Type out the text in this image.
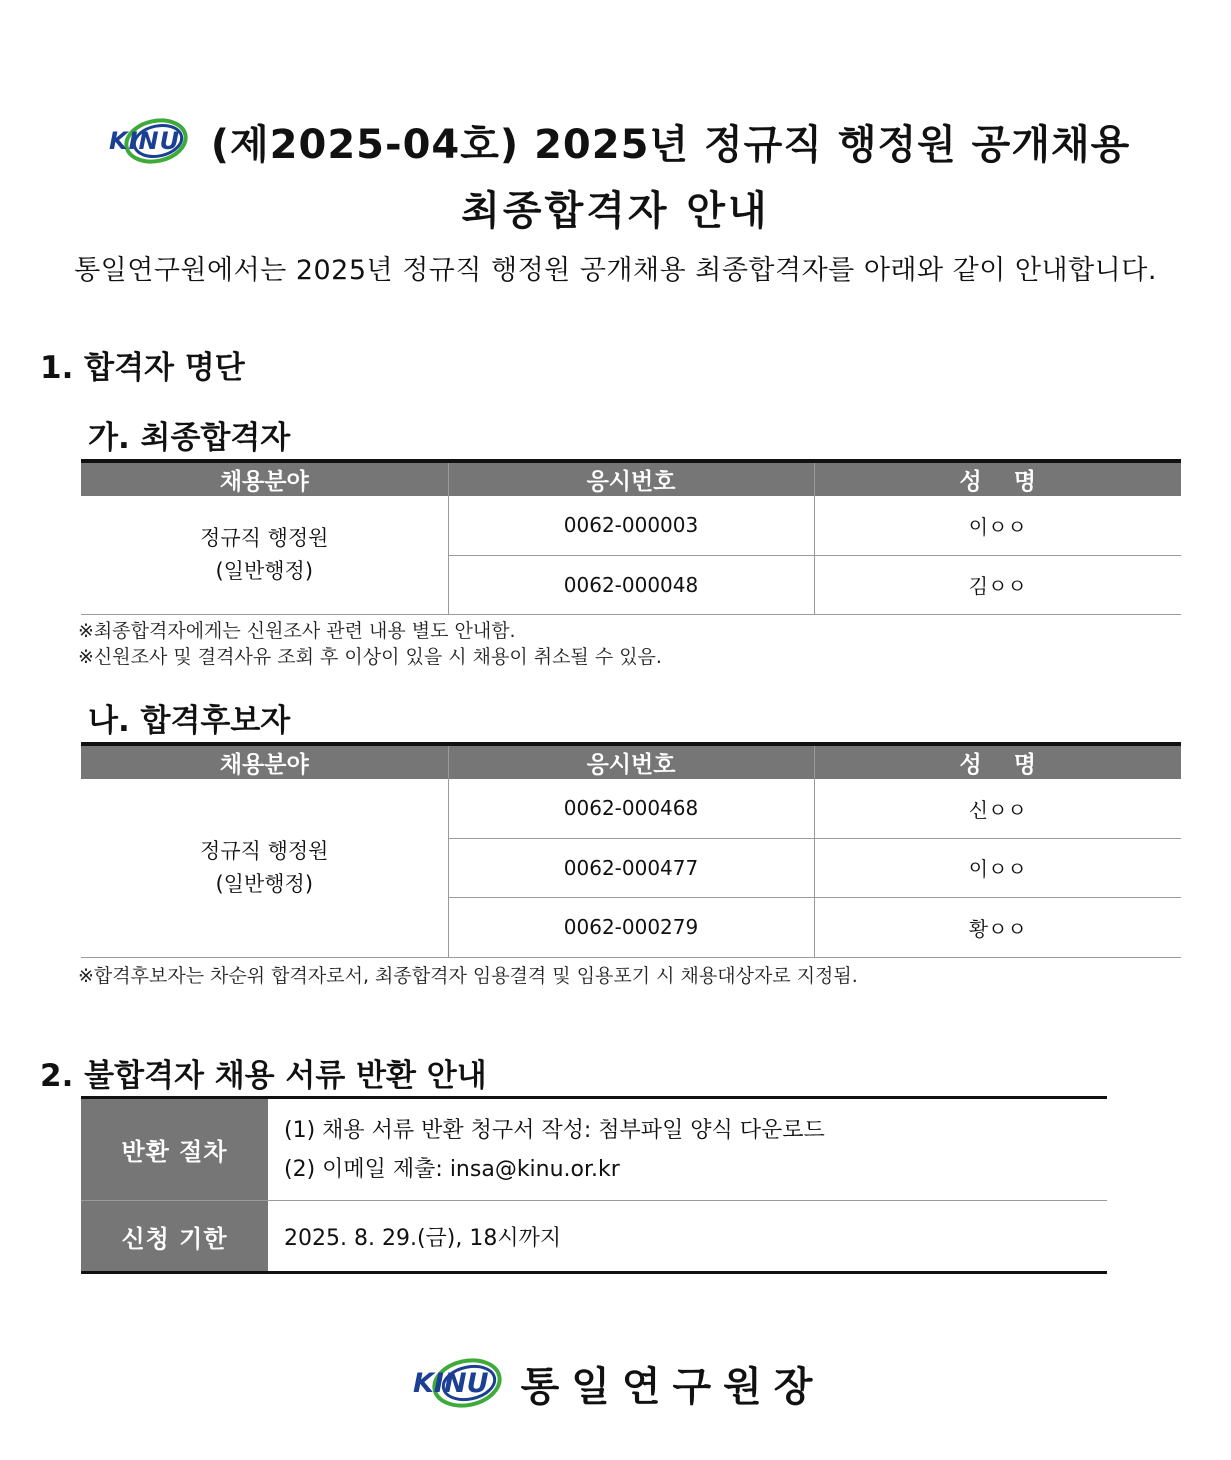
KINU (제2025-04호) 2025년 정규직 행정원 공개채용
최종합격자 안내
통일연구원에서는 2025년 정규직 행정원 공개채용 최종합격자를 아래와 같이 안내합니다.
1. 합격자 명단
가. 최종합격자
채용분야	응시번호	성    명

정규직 행정원
(일반행정)	0062-000003	이ㅇㅇ
	0062-000048	김ㅇㅇ
※최종합격자에게는 신원조사 관련 내용 별도 안내함.
※신원조사 및 결격사유 조회 후 이상이 있을 시 채용이 취소될 수 있음.
나. 합격후보자
채용분야	응시번호	성    명

정규직 행정원
(일반행정)	0062-000468	신ㅇㅇ
	0062-000477	이ㅇㅇ
	0062-000279	황ㅇㅇ
※합격후보자는 차순위 합격자로서, 최종합격자 임용결격 및 임용포기 시 채용대상자로 지정됨.
2. 불합격자 채용 서류 반환 안내
반환 절차	(1) 채용 서류 반환 청구서 작성: 첨부파일 양식 다운로드
(2) 이메일 제출: insa@kinu.or.kr

신청 기한	2025. 8. 29.(금), 18시까지
KINU 통일연구원장
